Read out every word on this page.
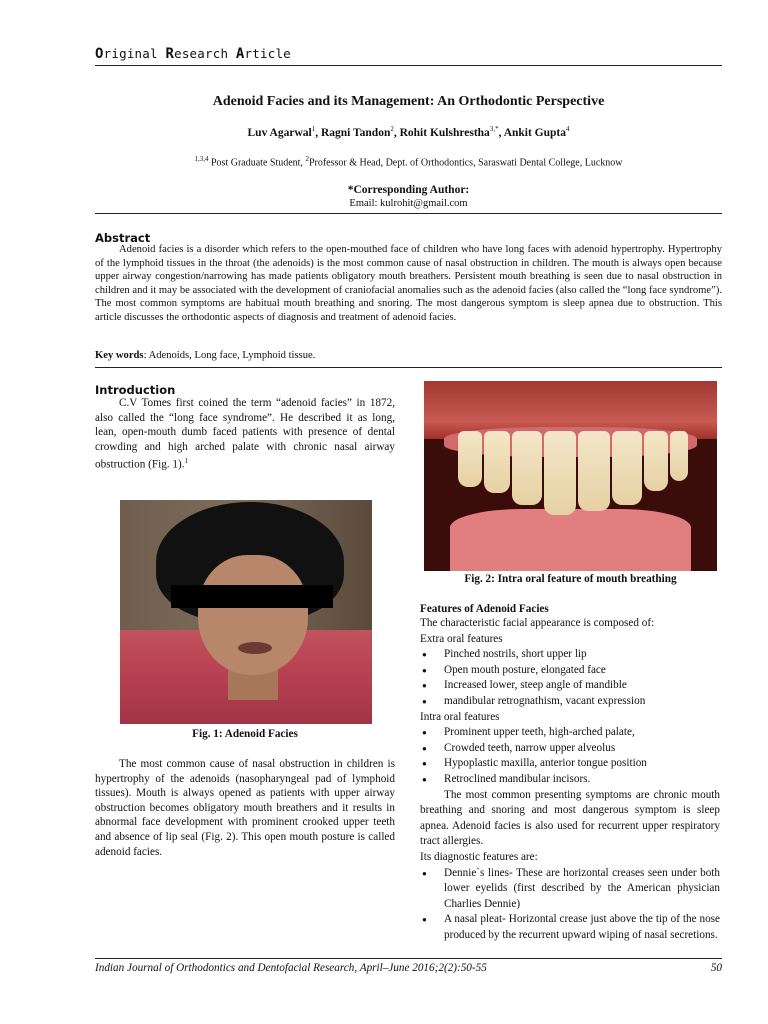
Original Research Article
Adenoid Facies and its Management: An Orthodontic Perspective
Luv Agarwal$^1$, Ragni Tandon$^2$, Rohit Kulshrestha$^{3,*}$, Ankit Gupta$^4$
$^{1,3,4}$ Post Graduate Student, $^2$Professor & Head, Dept. of Orthodontics, Saraswati Dental College, Lucknow
*Corresponding Author:
Email: kulrohit@gmail.com
Abstract

Adenoid facies is a disorder which refers to the open-mouthed face of children who have long faces with adenoid hypertrophy. Hypertrophy of the lymphoid tissues in the throat (the adenoids) is the most common cause of nasal obstruction in children. The mouth is always open because upper airway congestion/narrowing has made patients obligatory mouth breathers. Persistent mouth breathing is seen due to nasal obstruction in children and it may be associated with the development of craniofacial anomalies such as the adenoid facies (also called the “long face syndrome”). The most common symptoms are habitual mouth breathing and snoring. The most dangerous symptom is sleep apnea due to obstruction. This article discusses the orthodontic aspects of diagnosis and treatment of adenoid facies.

Key words: Adenoids, Long face, Lymphoid tissue.
Introduction

C.V Tomes first coined the term “adenoid facies” in 1872, also called the “long face syndrome”. He described it as long, lean, open-mouth dumb faced patients with presence of dental crowding and high arched palate with chronic nasal airway obstruction (Fig. 1).$^1$

Fig. 1: Adenoid Facies

The most common cause of nasal obstruction in children is hypertrophy of the adenoids (nasopharyngeal pad of lymphoid tissues). Mouth is always opened as patients with upper airway obstruction becomes obligatory mouth breathers and it results in abnormal face development with prominent crooked upper teeth and absence of lip seal (Fig. 2). This open mouth posture is called adenoid facies.

Fig. 2: Intra oral feature of mouth breathing
Features of Adenoid Facies
The characteristic facial appearance is composed of:
Extra oral features
● Pinched nostrils, short upper lip
● Open mouth posture, elongated face
● Increased lower, steep angle of mandible
● mandibular retrognathism, vacant expression
Intra oral features
● Prominent upper teeth, high-arched palate,
● Crowded teeth, narrow upper alveolus
● Hypoplastic maxilla, anterior tongue position
● Retroclined mandibular incisors.

The most common presenting symptoms are chronic mouth breathing and snoring and most dangerous symptom is sleep apnea. Adenoid facies is also used for recurrent upper respiratory tract allergies.

Its diagnostic features are:
● Dennie`s lines- These are horizontal creases seen under both lower eyelids (first described by the American physician Charlies Dennie)
● A nasal pleat- Horizontal crease just above the tip of the nose produced by the recurrent upward wiping of nasal secretions.
Indian Journal of Orthodontics and Dentofacial Research, April–June 2016;2(2):50-55	50
